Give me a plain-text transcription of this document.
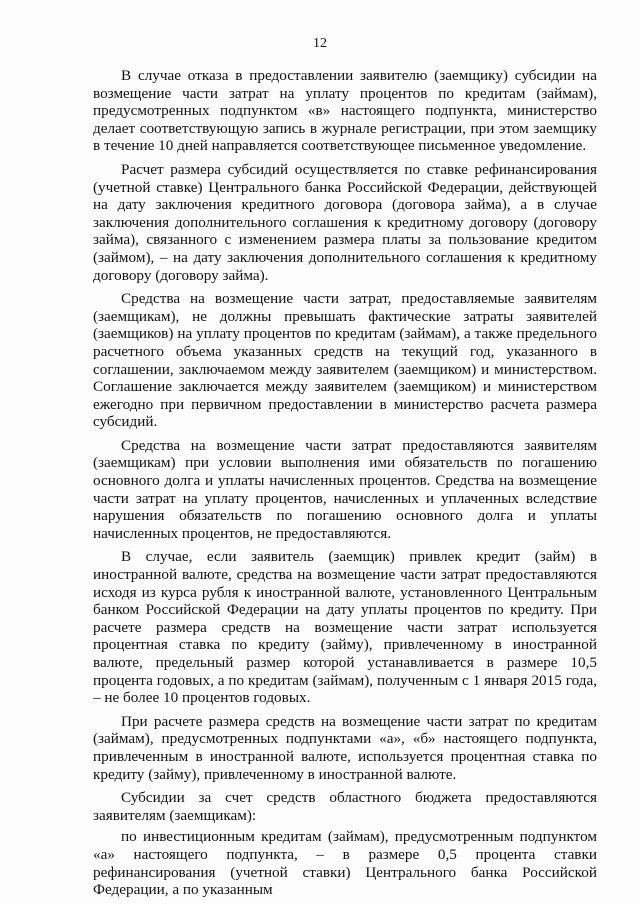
12

В случае отказа в предоставлении заявителю (заемщику) субсидии на возмещение части затрат на уплату процентов по кредитам (займам), предусмотренных подпунктом «в» настоящего подпункта, министерство делает соответствующую запись в журнале регистрации, при этом заемщику в течение 10 дней направляется соответствующее письменное уведомление.

Расчет размера субсидий осуществляется по ставке рефинансирования (учетной ставке) Центрального банка Российской Федерации, действующей на дату заключения кредитного договора (договора займа), а в случае заключения дополнительного соглашения к кредитному договору (договору займа), связанного с изменением размера платы за пользование кредитом (займом), – на дату заключения дополнительного соглашения к кредитному договору (договору займа).

Средства на возмещение части затрат, предоставляемые заявителям (заемщикам), не должны превышать фактические затраты заявителей (заемщиков) на уплату процентов по кредитам (займам), а также предельного расчетного объема указанных средств на текущий год, указанного в соглашении, заключаемом между заявителем (заемщиком) и министерством. Соглашение заключается между заявителем (заемщиком) и министерством ежегодно при первичном предоставлении в министерство расчета размера субсидий.

Средства на возмещение части затрат предоставляются заявителям (заемщикам) при условии выполнения ими обязательств по погашению основного долга и уплаты начисленных процентов. Средства на возмещение части затрат на уплату процентов, начисленных и уплаченных вследствие нарушения обязательств по погашению основного долга и уплаты начисленных процентов, не предоставляются.

В случае, если заявитель (заемщик) привлек кредит (займ) в иностранной валюте, средства на возмещение части затрат предоставляются исходя из курса рубля к иностранной валюте, установленного Центральным банком Российской Федерации на дату уплаты процентов по кредиту. При расчете размера средств на возмещение части затрат используется процентная ставка по кредиту (займу), привлеченному в иностранной валюте, предельный размер которой устанавливается в размере 10,5 процента годовых, а по кредитам (займам), полученным с 1 января 2015 года, – не более 10 процентов годовых.

При расчете размера средств на возмещение части затрат по кредитам (займам), предусмотренных подпунктами «а», «б» настоящего подпункта, привлеченным в иностранной валюте, используется процентная ставка по кредиту (займу), привлеченному в иностранной валюте.

Субсидии за счет средств областного бюджета предоставляются заявителям (заемщикам):

по инвестиционным кредитам (займам), предусмотренным подпунктом «а» настоящего подпункта, – в размере 0,5 процента ставки рефинансирования (учетной ставки) Центрального банка Российской Федерации, а по указанным
